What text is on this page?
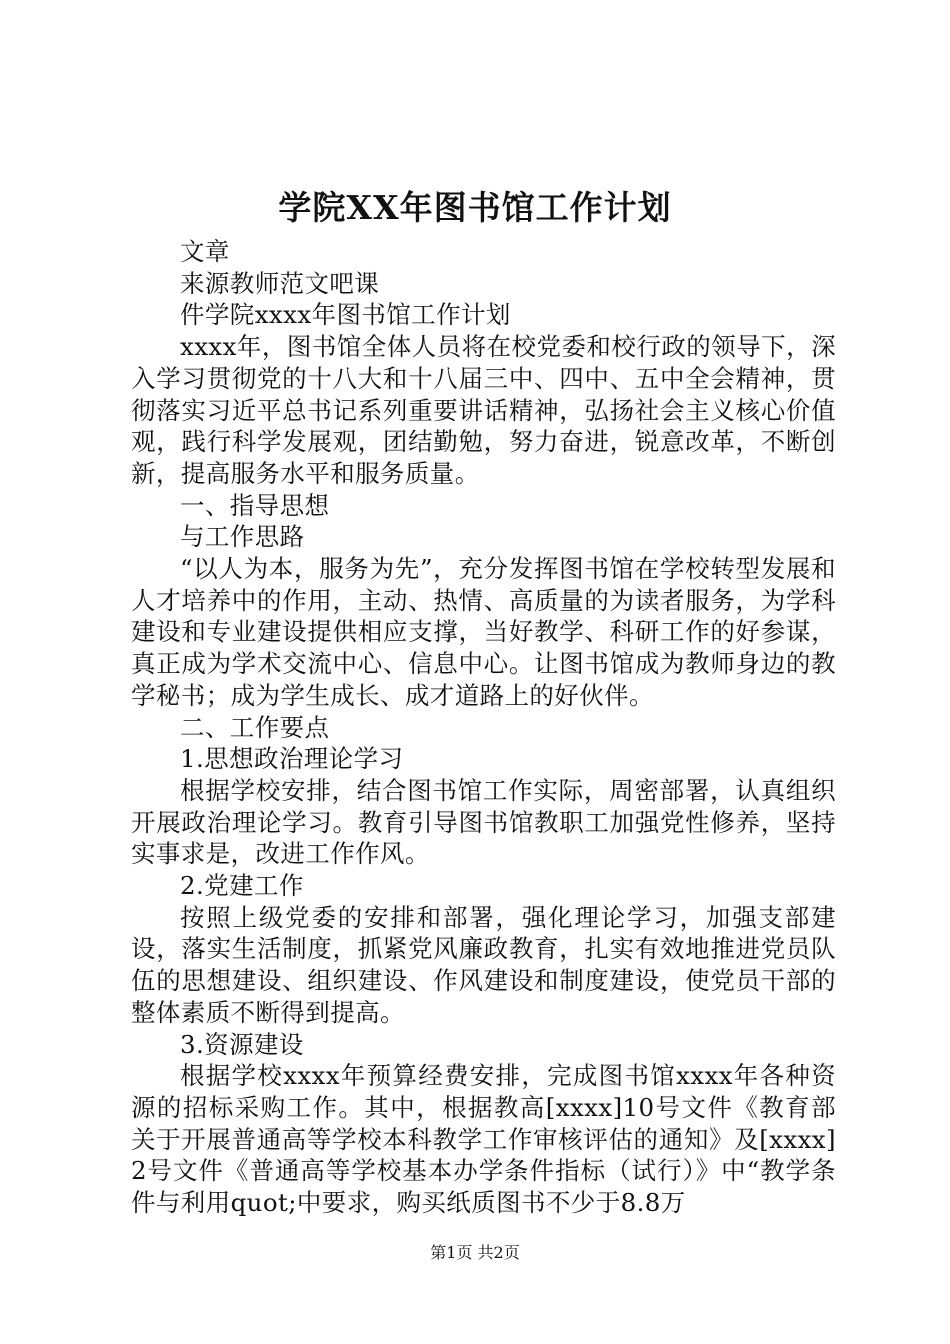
学院XX年图书馆工作计划

文章

来源教师范文吧课

件学院xxxx年图书馆工作计划

xxxx年，图书馆全体人员将在校党委和校行政的领导下，深入学习贯彻党的十八大和十八届三中、四中、五中全会精神，贯彻落实习近平总书记系列重要讲话精神，弘扬社会主义核心价值观，践行科学发展观，团结勤勉，努力奋进，锐意改革，不断创新，提高服务水平和服务质量。

一、指导思想

与工作思路

“以人为本，服务为先”，充分发挥图书馆在学校转型发展和人才培养中的作用，主动、热情、高质量的为读者服务，为学科建设和专业建设提供相应支撑，当好教学、科研工作的好参谋，真正成为学术交流中心、信息中心。让图书馆成为教师身边的教学秘书；成为学生成长、成才道路上的好伙伴。

二、工作要点

1.思想政治理论学习

根据学校安排，结合图书馆工作实际，周密部署，认真组织开展政治理论学习。教育引导图书馆教职工加强党性修养，坚持实事求是，改进工作作风。

2.党建工作

按照上级党委的安排和部署，强化理论学习，加强支部建设，落实生活制度，抓紧党风廉政教育，扎实有效地推进党员队伍的思想建设、组织建设、作风建设和制度建设，使党员干部的整体素质不断得到提高。

3.资源建设

根据学校xxxx年预算经费安排，完成图书馆xxxx年各种资源的招标采购工作。其中，根据教高[xxxx]10号文件《教育部关于开展普通高等学校本科教学工作审核评估的通知》及[xxxx]2号文件《普通高等学校基本办学条件指标（试行）》中“教学条件与利用quot;中要求，购买纸质图书不少于8.8万

第1页 共2页
